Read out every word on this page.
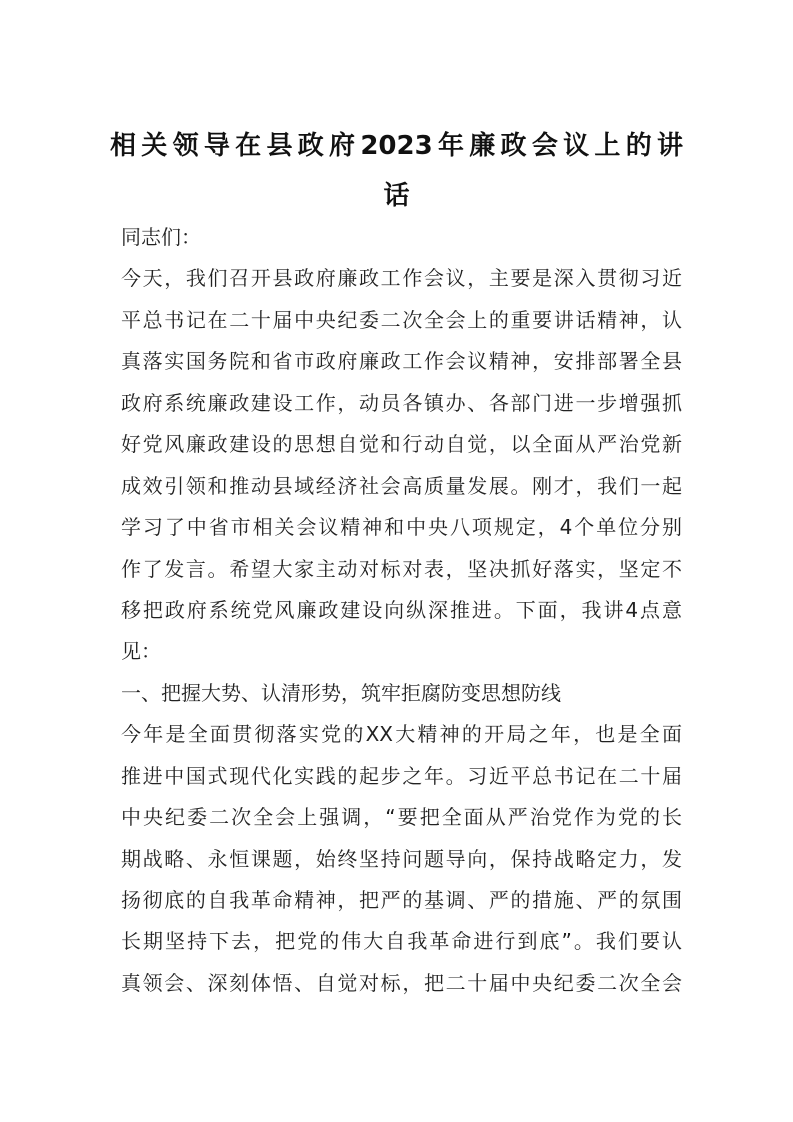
相关领导在县政府2023年廉政会议上的讲
话
同志们：
今天，我们召开县政府廉政工作会议，主要是深入贯彻习近
平总书记在二十届中央纪委二次全会上的重要讲话精神，认
真落实国务院和省市政府廉政工作会议精神，安排部署全县
政府系统廉政建设工作，动员各镇办、各部门进一步增强抓
好党风廉政建设的思想自觉和行动自觉，以全面从严治党新
成效引领和推动县域经济社会高质量发展。刚才，我们一起
学习了中省市相关会议精神和中央八项规定，4个单位分别
作了发言。希望大家主动对标对表，坚决抓好落实，坚定不
移把政府系统党风廉政建设向纵深推进。下面，我讲4点意
见：
一、把握大势、认清形势，筑牢拒腐防变思想防线
今年是全面贯彻落实党的XX大精神的开局之年，也是全面
推进中国式现代化实践的起步之年。习近平总书记在二十届
中央纪委二次全会上强调，“要把全面从严治党作为党的长
期战略、永恒课题，始终坚持问题导向，保持战略定力，发
扬彻底的自我革命精神，把严的基调、严的措施、严的氛围
长期坚持下去，把党的伟大自我革命进行到底”。我们要认
真领会、深刻体悟、自觉对标，把二十届中央纪委二次全会
